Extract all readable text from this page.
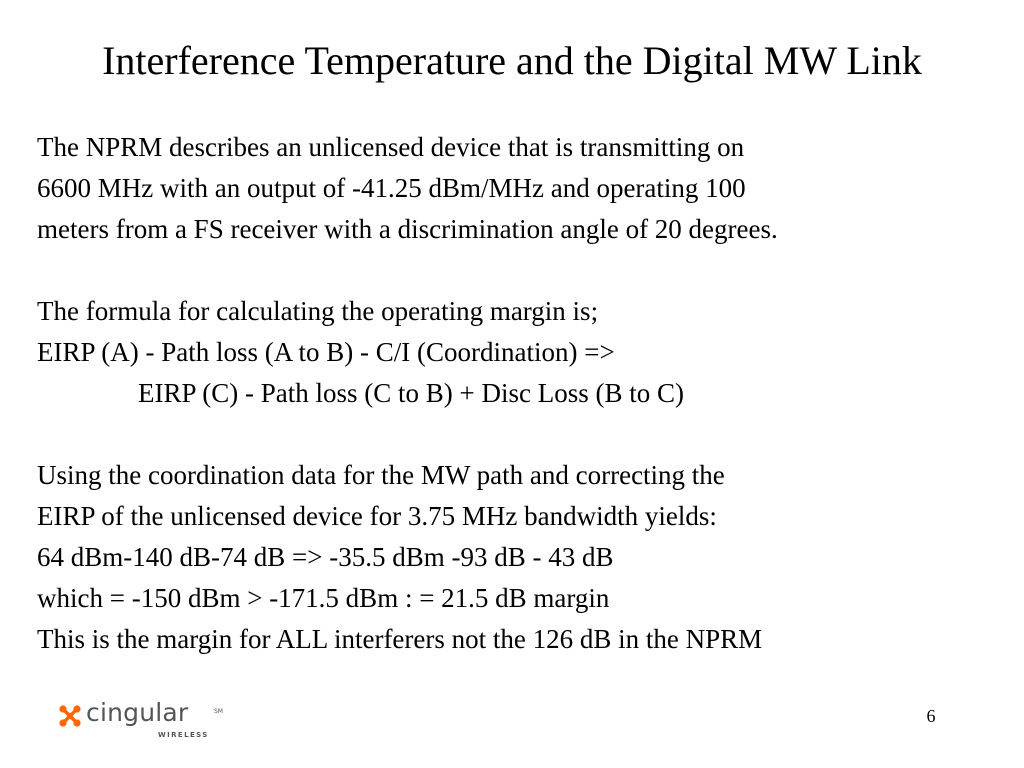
Interference Temperature and the Digital MW Link
The NPRM describes an unlicensed device that is transmitting on
6600 MHz with an output of -41.25 dBm/MHz and operating 100
meters from a FS receiver with a discrimination angle of 20 degrees.
The formula for calculating the operating margin is;
EIRP (A) - Path loss (A to B) - C/I (Coordination) =>
EIRP (C) - Path loss (C to B) + Disc Loss (B to C)
Using the coordination data for the MW path and correcting the
EIRP of the unlicensed device for 3.75 MHz bandwidth yields:
64 dBm-140 dB-74 dB => -35.5 dBm -93 dB - 43 dB
which = -150 dBm > -171.5 dBm : = 21.5 dB margin
This is the margin for ALL interferers not the 126 dB in the NPRM
cingular	SM
WIRELESS
6
